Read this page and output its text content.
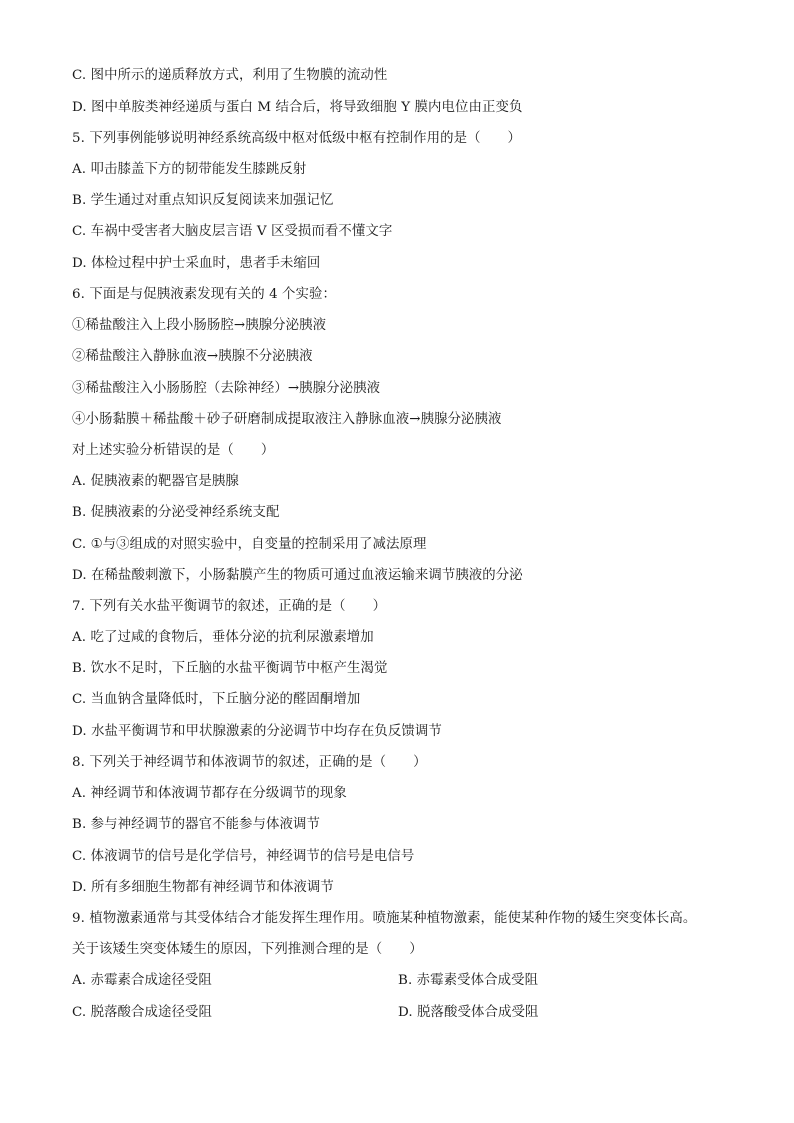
C. 图中所示的递质释放方式，利用了生物膜的流动性
D. 图中单胺类神经递质与蛋白 M 结合后，将导致细胞 Y 膜内电位由正变负
5. 下列事例能够说明神经系统高级中枢对低级中枢有控制作用的是（　　）
A. 叩击膝盖下方的韧带能发生膝跳反射
B. 学生通过对重点知识反复阅读来加强记忆
C. 车祸中受害者大脑皮层言语 V 区受损而看不懂文字
D. 体检过程中护士采血时，患者手未缩回
6. 下面是与促胰液素发现有关的 4 个实验：
①稀盐酸注入上段小肠肠腔→胰腺分泌胰液
②稀盐酸注入静脉血液→胰腺不分泌胰液
③稀盐酸注入小肠肠腔（去除神经）→胰腺分泌胰液
④小肠黏膜＋稀盐酸＋砂子研磨制成提取液注入静脉血液→胰腺分泌胰液
对上述实验分析错误的是（　　）
A. 促胰液素的靶器官是胰腺
B. 促胰液素的分泌受神经系统支配
C. ①与③组成的对照实验中，自变量的控制采用了减法原理
D. 在稀盐酸刺激下，小肠黏膜产生的物质可通过血液运输来调节胰液的分泌
7. 下列有关水盐平衡调节的叙述，正确的是（　　）
A. 吃了过咸的食物后，垂体分泌的抗利尿激素增加
B. 饮水不足时，下丘脑的水盐平衡调节中枢产生渴觉
C. 当血钠含量降低时，下丘脑分泌的醛固酮增加
D. 水盐平衡调节和甲状腺激素的分泌调节中均存在负反馈调节
8. 下列关于神经调节和体液调节的叙述，正确的是（　　）
A. 神经调节和体液调节都存在分级调节的现象
B. 参与神经调节的器官不能参与体液调节
C. 体液调节的信号是化学信号，神经调节的信号是电信号
D. 所有多细胞生物都有神经调节和体液调节
9. 植物激素通常与其受体结合才能发挥生理作用。喷施某种植物激素，能使某种作物的矮生突变体长高。
关于该矮生突变体矮生的原因，下列推测合理的是（　　）
A. 赤霉素合成途径受阻	B. 赤霉素受体合成受阻
C. 脱落酸合成途径受阻	D. 脱落酸受体合成受阻
